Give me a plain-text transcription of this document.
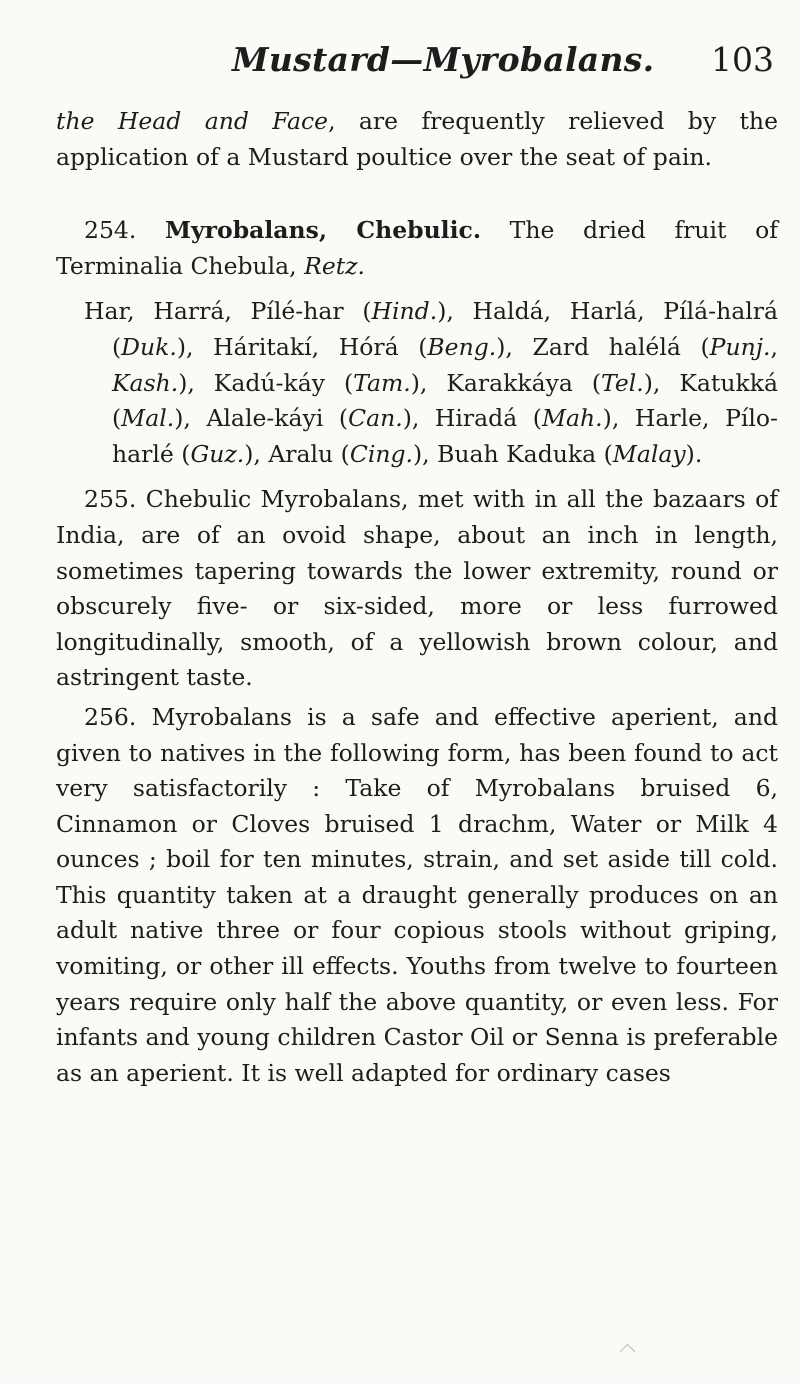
Mustard—Myrobalans. 103

the Head and Face, are frequently relieved by the application of a Mustard poultice over the seat of pain.

254. Myrobalans, Chebulic. The dried fruit of Terminalia Chebula, Retz.

Har, Harrá, Pílé-har (Hind.), Haldá, Harlá, Pílá-halrá (Duk.), Háritakí, Hórá (Beng.), Zard halélá (Punj., Kash.), Kadú-káy (Tam.), Karakkáya (Tel.), Katukká (Mal.), Alale-káyi (Can.), Hiradá (Mah.), Harle, Pílo-harlé (Guz.), Aralu (Cing.), Buah Kaduka (Malay).

255. Chebulic Myrobalans, met with in all the bazaars of India, are of an ovoid shape, about an inch in length, sometimes tapering towards the lower extremity, round or obscurely five- or six-sided, more or less furrowed longitudinally, smooth, of a yellowish brown colour, and astringent taste.

256. Myrobalans is a safe and effective aperient, and given to natives in the following form, has been found to act very satisfactorily : Take of Myrobalans bruised 6, Cinnamon or Cloves bruised 1 drachm, Water or Milk 4 ounces ; boil for ten minutes, strain, and set aside till cold. This quantity taken at a draught generally produces on an adult native three or four copious stools without griping, vomiting, or other ill effects. Youths from twelve to fourteen years require only half the above quantity, or even less. For infants and young children Castor Oil or Senna is preferable as an aperient. It is well adapted for ordinary cases
